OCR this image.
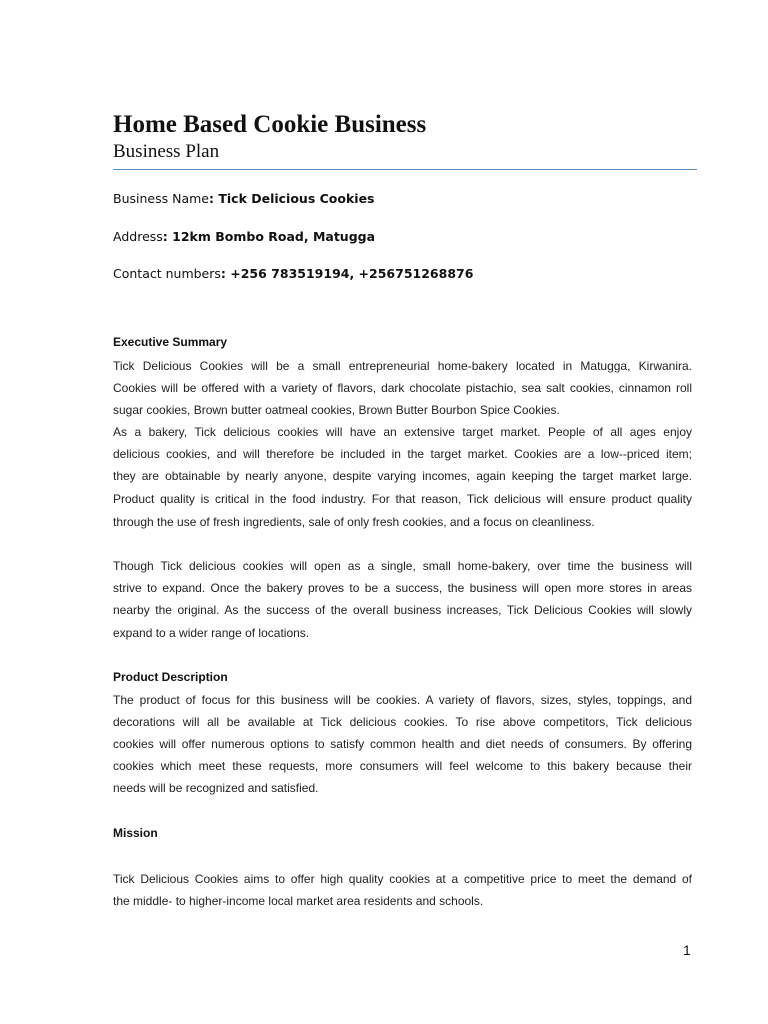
Home Based Cookie Business
Business Plan
Business Name: Tick Delicious Cookies
Address: 12km Bombo Road, Matugga
Contact numbers: +256 783519194, +256751268876
Executive Summary
Tick Delicious Cookies will be a small entrepreneurial home-bakery located in Matugga, Kirwanira.
Cookies will be offered with a variety of flavors, dark chocolate pistachio, sea salt cookies, cinnamon roll
sugar cookies, Brown butter oatmeal cookies, Brown Butter Bourbon Spice Cookies.
As a bakery, Tick delicious cookies will have an extensive target market. People of all ages enjoy
delicious cookies, and will therefore be included in the target market. Cookies are a low--priced item;
they are obtainable by nearly anyone, despite varying incomes, again keeping the target market large.
Product quality is critical in the food industry. For that reason, Tick delicious will ensure product quality
through the use of fresh ingredients, sale of only fresh cookies, and a focus on cleanliness.
Though Tick delicious cookies will open as a single, small home-bakery, over time the business will
strive to expand. Once the bakery proves to be a success, the business will open more stores in areas
nearby the original. As the success of the overall business increases, Tick Delicious Cookies will slowly
expand to a wider range of locations.
Product Description
The product of focus for this business will be cookies. A variety of flavors, sizes, styles, toppings, and
decorations will all be available at Tick delicious cookies. To rise above competitors, Tick delicious
cookies will offer numerous options to satisfy common health and diet needs of consumers. By offering
cookies which meet these requests, more consumers will feel welcome to this bakery because their
needs will be recognized and satisfied.
Mission
Tick Delicious Cookies aims to offer high quality cookies at a competitive price to meet the demand of
the middle- to higher-income local market area residents and schools.
1
